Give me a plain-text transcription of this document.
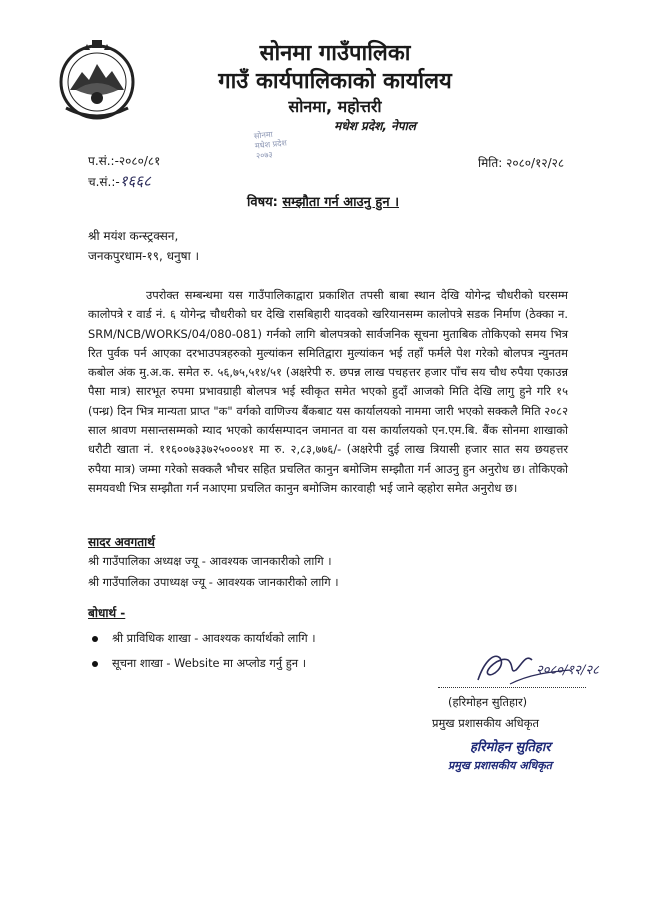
सोनमा गाउँपालिका
गाउँ कार्यपालिकाको कार्यालय
सोनमा, महोत्तरी
मधेश प्रदेश, नेपाल
सोनमा
मधेश प्रदेश
२०७३
प.सं.:-२०८०/८१
च.सं.:-१६६८
मिति: २०८०/१२/२८
विषय: सम्झौता गर्न आउनु हुन ।
श्री मयंश कन्स्ट्रक्सन,
जनकपुरधाम-१९, धनुषा ।
उपरोक्त सम्बन्धमा यस गाउँपालिकाद्वारा प्रकाशित तपसी बाबा स्थान देखि योगेन्द्र चौधरीको घरसम्म कालोपत्रे र वार्ड नं. ६ योगेन्द्र चौधरीको घर देखि रासबिहारी यादवको खरियानसम्म कालोपत्रे सडक निर्माण (ठेक्का न. SRM/NCB/WORKS/04/080-081) गर्नको लागि बोलपत्रको सार्वजनिक सूचना मुताबिक तोकिएको समय भित्र रित पुर्वक पर्न आएका दरभाउपत्रहरुको मुल्यांकन समितिद्वारा मुल्यांकन भई तहाँ फर्मले पेश गरेको बोलपत्र न्युनतम कबोल अंक मु.अ.क. समेत रु. ५६,७५,५१४/५१ (अक्षरेपी रु. छपन्न लाख पचहत्तर हजार पाँच सय चौध रुपैया एकाउन्न पैसा मात्र) सारभूत रुपमा प्रभावग्राही बोलपत्र भई स्वीकृत समेत भएको हुदाँ आजको मिति देखि लागु हुने गरि १५ (पन्ध्र) दिन भित्र मान्यता प्राप्त "क" वर्गको वाणिज्य बैंकबाट यस कार्यालयको नाममा जारी भएको सक्कलै मिति २०८२ साल श्रावण मसान्तसम्मको म्याद भएको कार्यसम्पादन जमानत वा यस कार्यालयको एन.एम.बि. बैंक सोनमा शाखाको धरौटी खाता नं. ११६००७३३७२५०००४१ मा रु. २,८३,७७६/- (अक्षरेपी दुई लाख त्रियासी हजार सात सय छयहत्तर रुपैया मात्र) जम्मा गरेको सक्कलै भौचर सहित प्रचलित कानुन बमोजिम सम्झौता गर्न आउनु हुन अनुरोध छ। तोकिएको समयवधी भित्र सम्झौता गर्न नआएमा प्रचलित कानुन बमोजिम कारवाही भई जाने व्हहोरा समेत अनुरोध छ।
सादर अवगतार्थ
श्री गाउँपालिका अध्यक्ष ज्यू - आवश्यक जानकारीको लागि ।
श्री गाउँपालिका उपाध्यक्ष ज्यू - आवश्यक जानकारीको लागि ।
बोधार्थ -
श्री प्राविधिक शाखा - आवश्यक कार्यार्थको लागि ।
सूचना शाखा - Website मा अप्लोड गर्नु हुन ।	२०८०/१२/२८
(हरिमोहन सुतिहार)
प्रमुख प्रशासकीय अधिकृत
हरिमोहन सुतिहार
प्रमुख प्रशासकीय अधिकृत
